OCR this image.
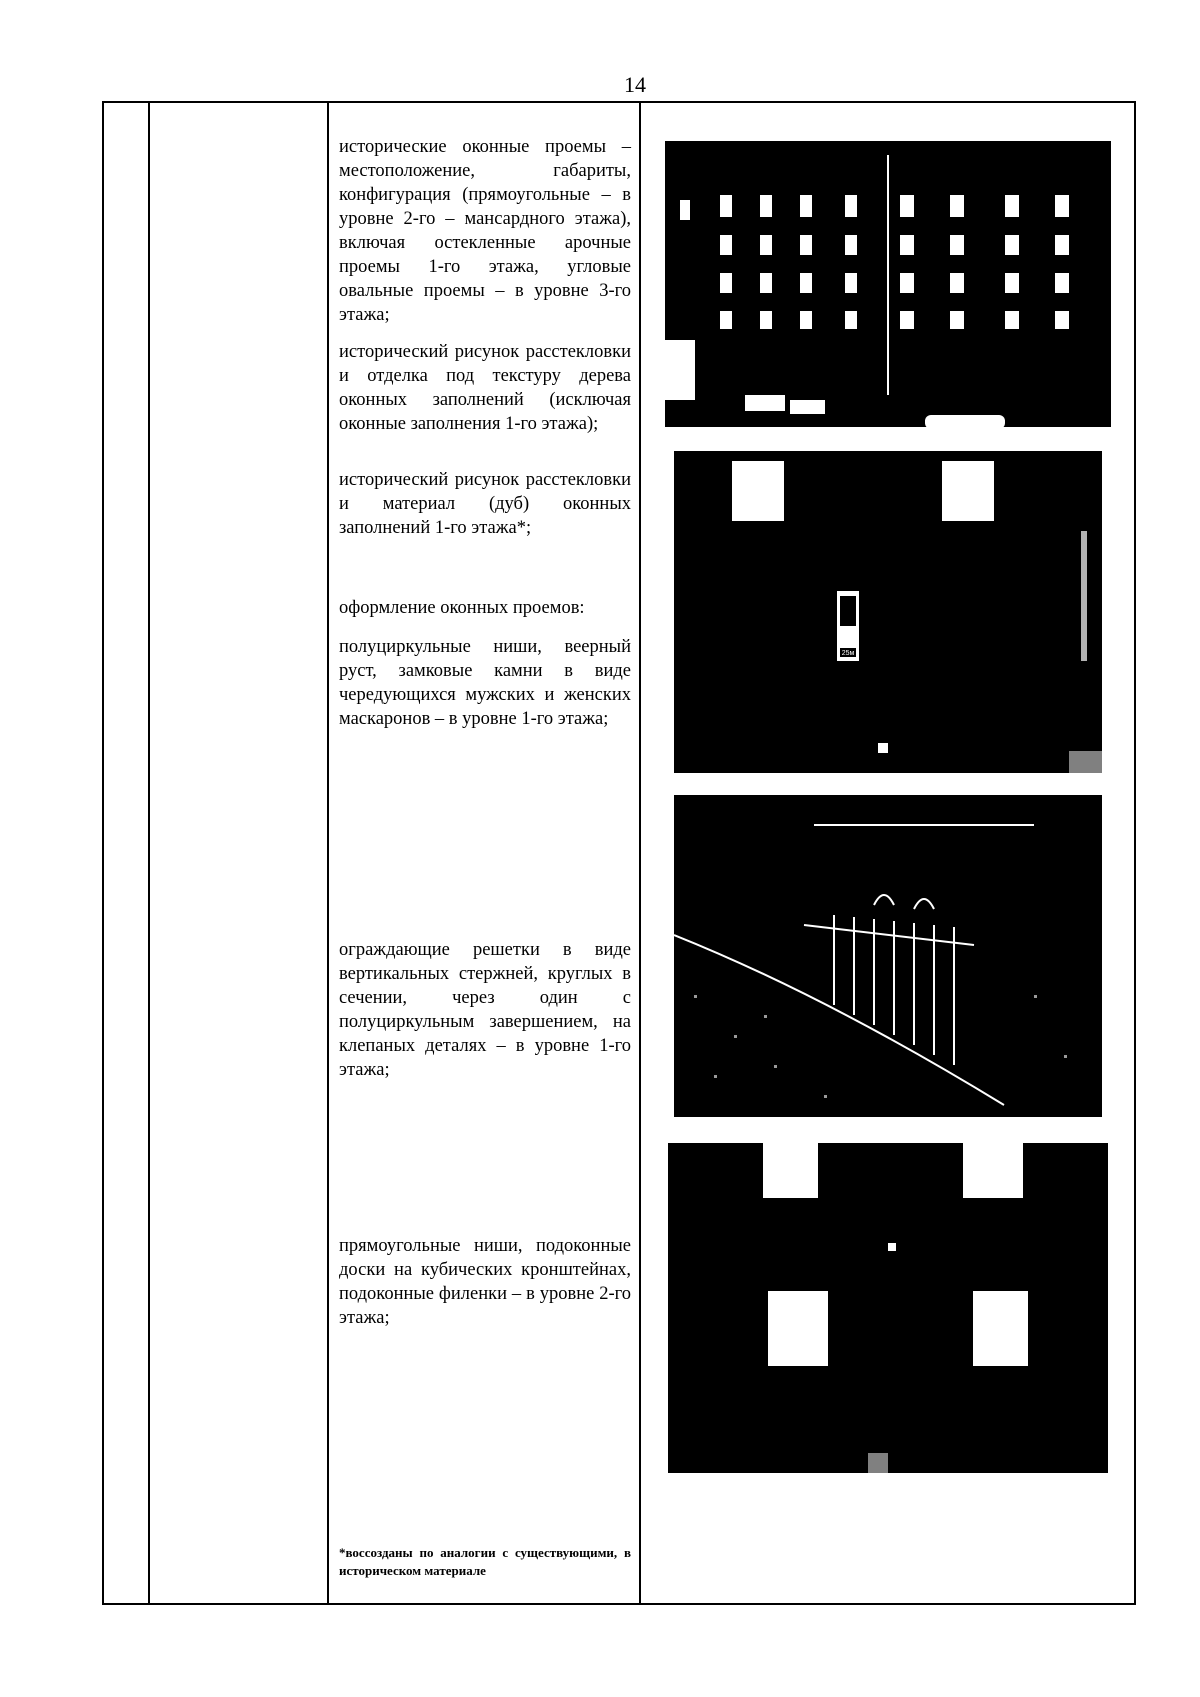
14
исторические оконные проемы – местоположение, габариты, конфигурация (прямоугольные – в уровне 2-го – мансардного этажа), включая остекленные арочные проемы 1-го этажа, угловые овальные проемы – в уровне 3-го этажа;
исторический рисунок расстекловки и отделка под текстуру дерева оконных заполнений (исключая оконные заполнения 1-го этажа);
исторический рисунок расстекловки и материал (дуб) оконных заполнений 1-го этажа*;
оформление оконных проемов:
полуциркульные ниши, веерный руст, замковые камни в виде чередующихся мужских и женских маскаронов – в уровне 1-го этажа;
ограждающие решетки в виде вертикальных стержней, круглых в сечении, через один с полуциркульным завершением, на клепаных деталях – в уровне 1-го этажа;
прямоугольные ниши, подоконные доски на кубических кронштейнах, подоконные филенки – в уровне 2-го этажа;
*воссозданы по аналогии с существующими, в историческом материале
25м
